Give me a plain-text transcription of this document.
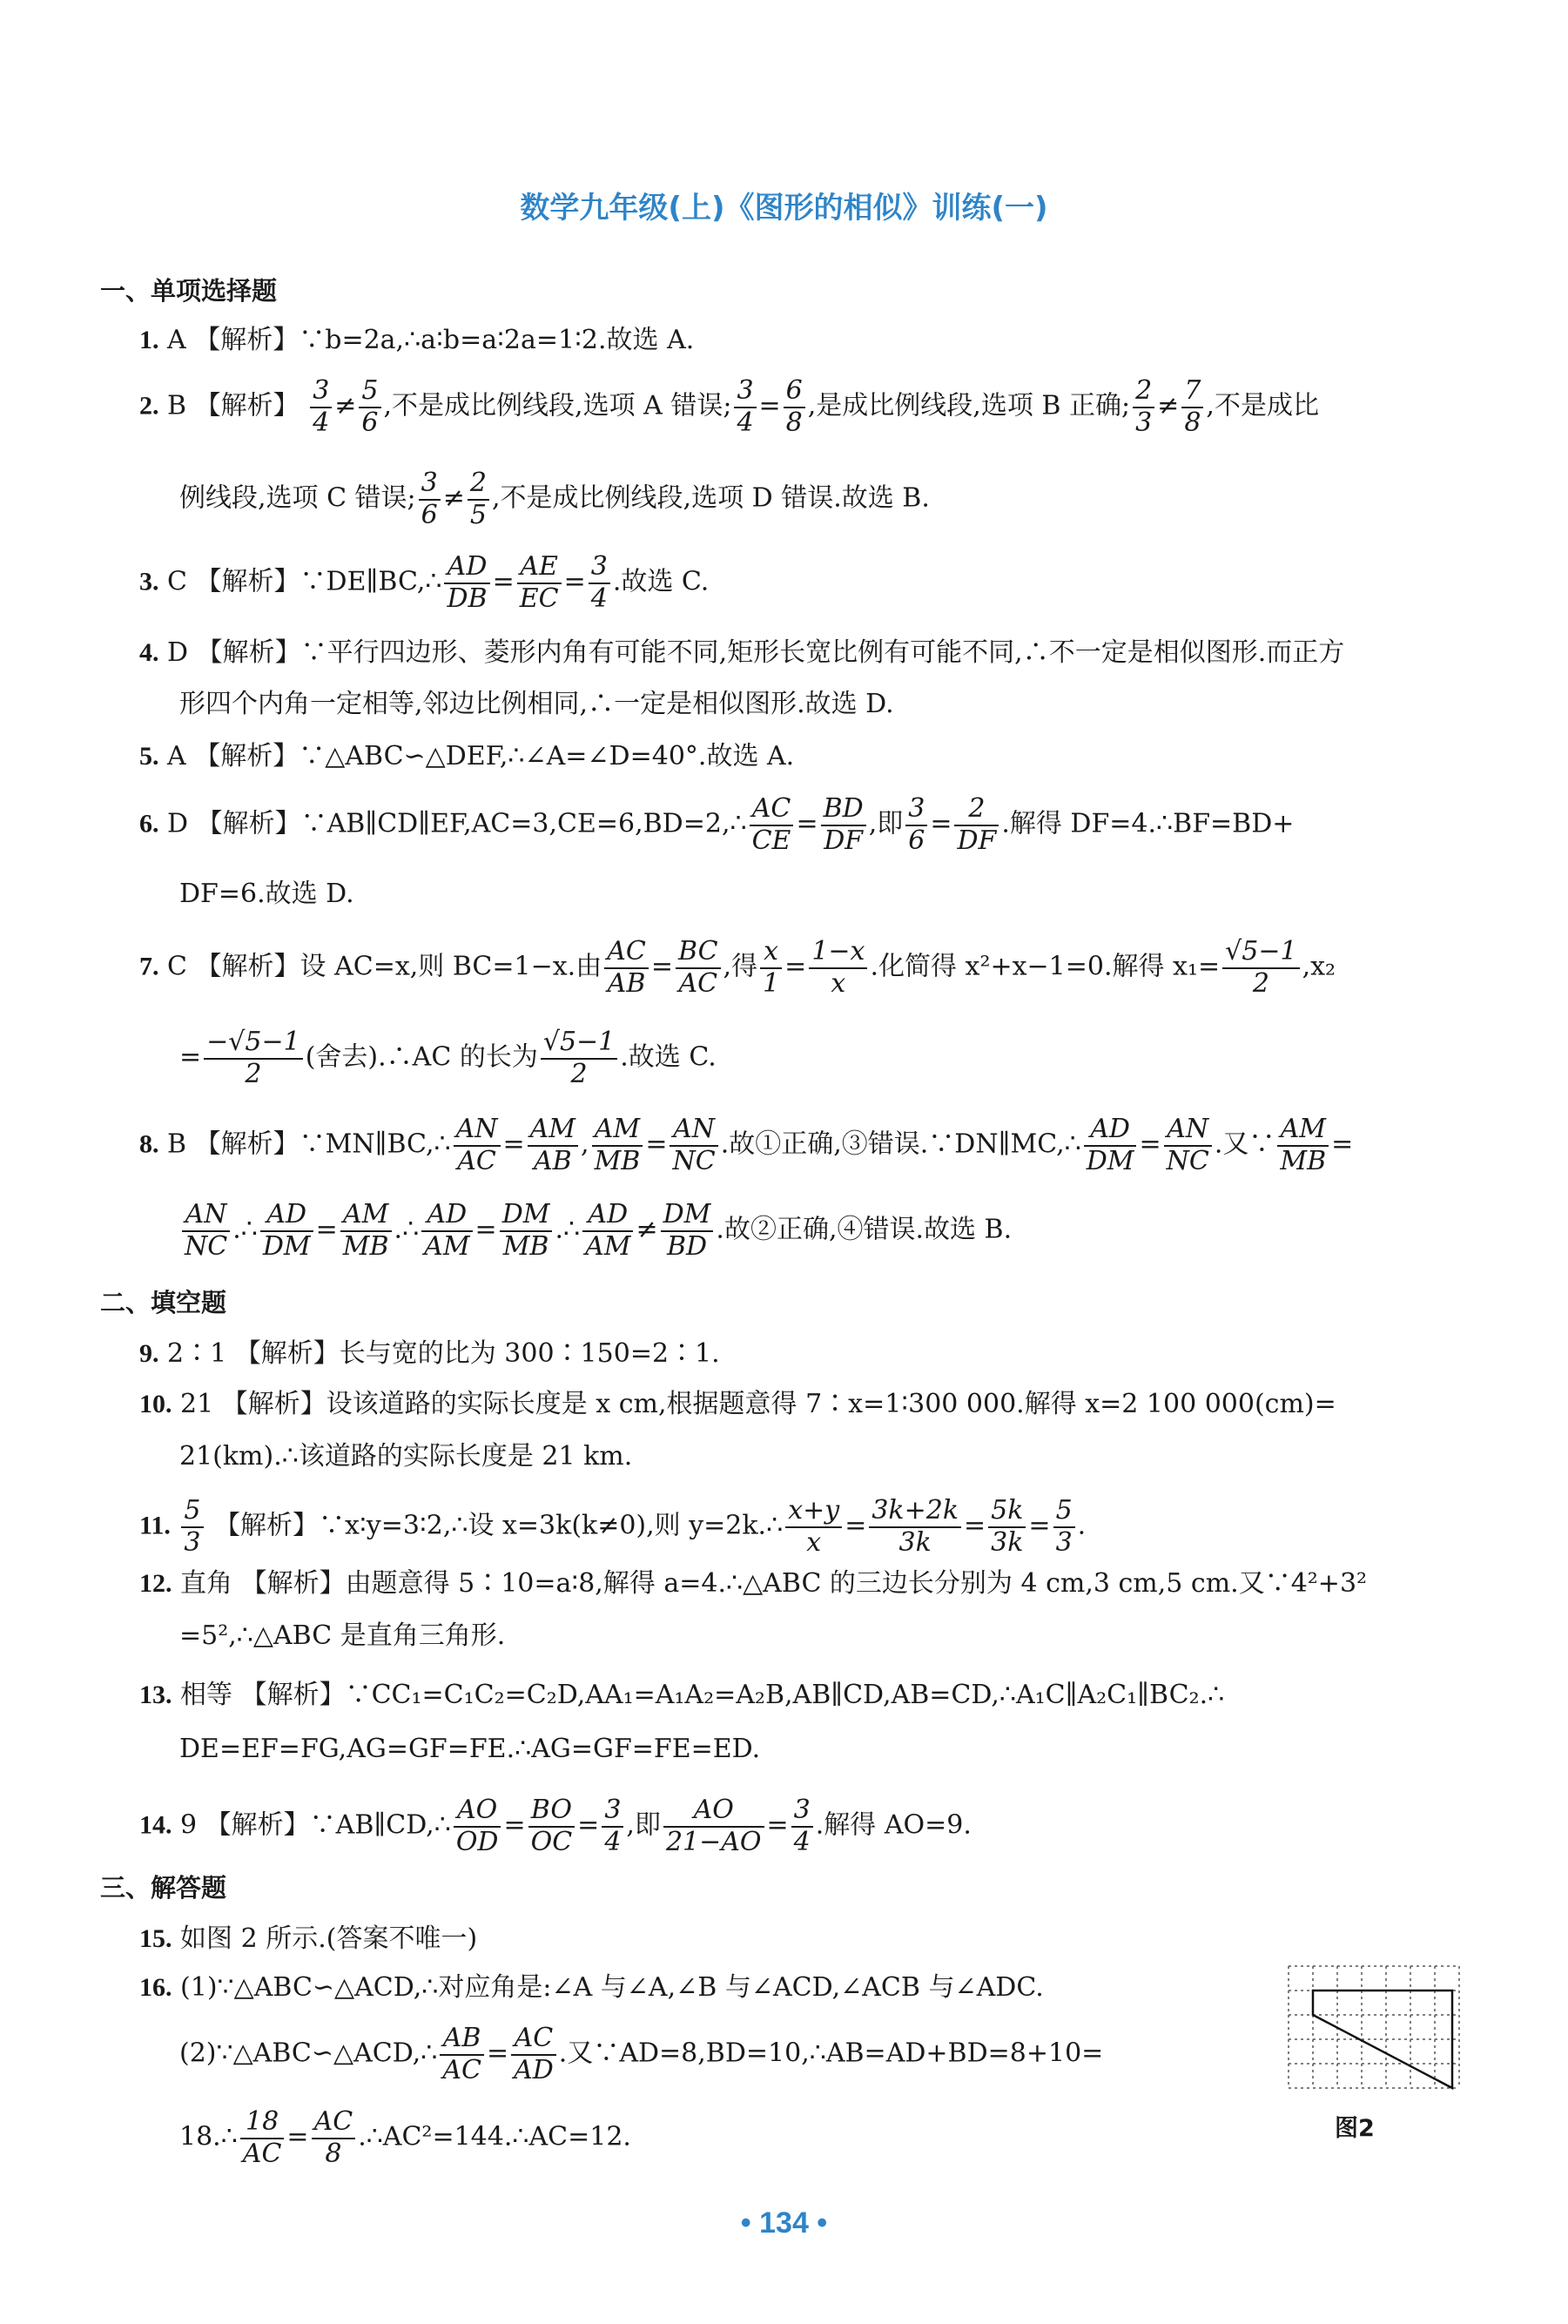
数学九年级(上)《图形的相似》训练(一)
一、单项选择题
1. A 【解析】∵b=2a,∴a∶b=a∶2a=1∶2.故选 A.
2. B 【解析】 $\frac{3}{4} \ne \frac{5}{6}$ ,不是成比例线段,选项 A 错误; $\frac{3}{4} = \frac{6}{8}$ ,是成比例线段,选项 B 正确; $\frac{2}{3} \ne \frac{7}{8}$ ,不是成比
例线段,选项 C 错误; $\frac{3}{6} \ne \frac{2}{5}$ ,不是成比例线段,选项 D 错误.故选 B.
3. C 【解析】∵DE∥BC,∴ $\frac{AD}{DB} = \frac{AE}{EC} = \frac{3}{4}$ .故选 C.
4. D 【解析】∵平行四边形、菱形内角有可能不同,矩形长宽比例有可能不同,∴不一定是相似图形.而正方
形四个内角一定相等,邻边比例相同,∴一定是相似图形.故选 D.
5. A 【解析】∵△ABC∽△DEF,∴∠A=∠D=40°.故选 A.
6. D 【解析】∵AB∥CD∥EF,AC=3,CE=6,BD=2,∴ $\frac{AC}{CE} = \frac{BD}{DF}$ ,即 $\frac{3}{6} = \frac{2}{DF}$ .解得 DF=4.∴BF=BD+
DF=6.故选 D.
7. C 【解析】设 AC=x,则 BC=1−x.由 $\frac{AC}{AB} = \frac{BC}{AC}$ ,得 $\frac{x}{1} = \frac{1-x}{x}$ .化简得 x²+x−1=0.解得 $x_1= \frac{√5-1}{2} ,x_2$
= $\frac{-√5-1}{2}$ (舍去).∴AC 的长为 $\frac{√5-1}{2}$ .故选 C.
8. B 【解析】∵MN∥BC,∴ $\frac{AN}{AC} = \frac{AM}{AB}$ , $\frac{AM}{MB} = \frac{AN}{NC}$ .故①正确,③错误.∵DN∥MC,∴ $\frac{AD}{DM} = \frac{AN}{NC}$ .又∵ $\frac{AM}{MB}$ =
$\frac{AN}{NC}$ .∴ $\frac{AD}{DM} = \frac{AM}{MB}$ .∴ $\frac{AD}{AM} = \frac{DM}{MB}$ .∴ $\frac{AD}{AM} \ne \frac{DM}{BD}$ .故②正确,④错误.故选 B.
二、填空题
9. 2∶1 【解析】长与宽的比为 300∶150=2∶1.
10. 21 【解析】设该道路的实际长度是 x cm,根据题意得 7∶x=1∶300 000.解得 x=2 100 000(cm)=
21(km).∴该道路的实际长度是 21 km.
11. $\frac{5}{3}$ 【解析】∵x∶y=3∶2,∴设 x=3k(k≠0),则 y=2k.∴ $\frac{x+y}{x} = \frac{3k+2k}{3k} = \frac{5k}{3k} = \frac{5}{3}$ .
12. 直角 【解析】由题意得 5∶10=a∶8,解得 a=4.∴△ABC 的三边长分别为 4 cm,3 cm,5 cm.又∵4²+3²
=5²,∴△ABC 是直角三角形.
13. 相等 【解析】∵CC₁=C₁C₂=C₂D,AA₁=A₁A₂=A₂B,AB∥CD,AB=CD,∴A₁C∥A₂C₁∥BC₂.∴
DE=EF=FG,AG=GF=FE.∴AG=GF=FE=ED.
14. 9 【解析】∵AB∥CD,∴ $\frac{AO}{OD} = \frac{BO}{OC} = \frac{3}{4}$ ,即 $\frac{AO}{21-AO} = \frac{3}{4}$ .解得 AO=9.
三、解答题
15. 如图 2 所示.(答案不唯一)
16. (1)∵△ABC∽△ACD,∴对应角是:∠A 与∠A,∠B 与∠ACD,∠ACB 与∠ADC.
(2)∵△ABC∽△ACD,∴ $\frac{AB}{AC} = \frac{AC}{AD}$ .又∵AD=8,BD=10,∴AB=AD+BD=8+10=
18.∴ $\frac{18}{AC} = \frac{AC}{8}$ .∴AC²=144.∴AC=12.	图2
• 134 •
